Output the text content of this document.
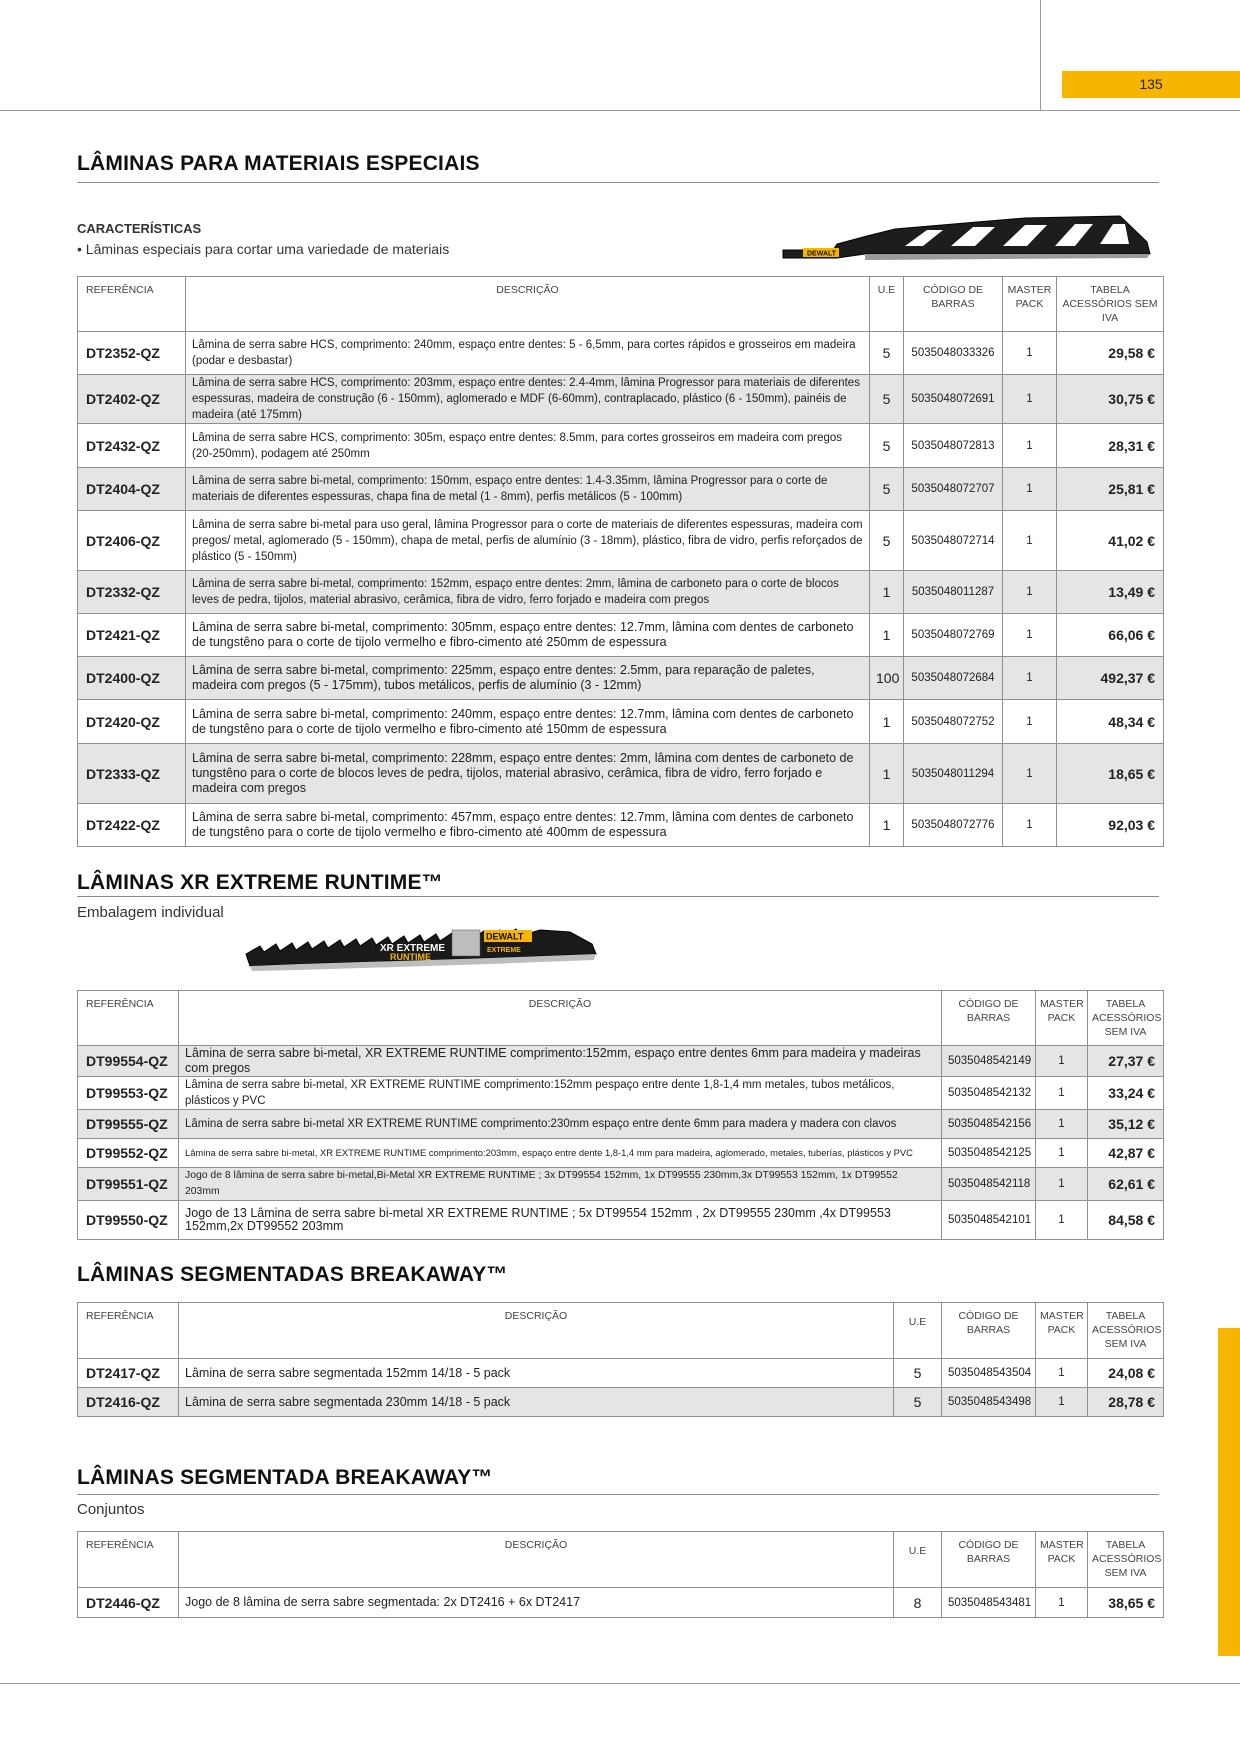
135
LÂMINAS PARA MATERIAIS ESPECIAIS
CARACTERÍSTICAS
• Lâminas especiais para cortar uma variedade de materiais	DEWALT
REFERÊNCIA	DESCRIÇÃO	U.E	CÓDIGO DE BARRAS	MASTER PACK	TABELA ACESSÓRIOS SEM IVA
DT2352-QZ	Lâmina de serra sabre HCS, comprimento: 240mm, espaço entre dentes: 5 - 6,5mm, para cortes rápidos e grosseiros em madeira (podar e desbastar)	5	5035048033326	1	29,58 €
DT2402-QZ	Lâmina de serra sabre HCS, comprimento: 203mm, espaço entre dentes: 2.4-4mm, lâmina Progressor para materiais de diferentes espessuras, madeira de construção (6 - 150mm), aglomerado e MDF (6-60mm), contraplacado, plástico (6 - 150mm), painéis de madeira (até 175mm)	5	5035048072691	1	30,75 €
DT2432-QZ	Lâmina de serra sabre HCS, comprimento: 305m, espaço entre dentes: 8.5mm, para cortes grosseiros em madeira com pregos (20-250mm), podagem até 250mm	5	5035048072813	1	28,31 €
DT2404-QZ	Lâmina de serra sabre bi-metal, comprimento: 150mm, espaço entre dentes: 1.4-3.35mm, lâmina Progressor para o corte de materiais de diferentes espessuras, chapa fina de metal (1 - 8mm), perfis metálicos (5 - 100mm)	5	5035048072707	1	25,81 €
DT2406-QZ	Lâmina de serra sabre bi-metal para uso geral, lâmina Progressor para o corte de materiais de diferentes espessuras, madeira com pregos/ metal, aglomerado (5 - 150mm), chapa de metal, perfis de alumínio (3 - 18mm), plástico, fibra de vidro, perfis reforçados de plástico (5 - 150mm)	5	5035048072714	1	41,02 €
DT2332-QZ	Lâmina de serra sabre bi-metal, comprimento: 152mm, espaço entre dentes: 2mm, lâmina de carboneto para o corte de blocos leves de pedra, tijolos, material abrasivo, cerâmica, fibra de vidro, ferro forjado e madeira com pregos	1	5035048011287	1	13,49 €
DT2421-QZ	Lâmina de serra sabre bi-metal, comprimento: 305mm, espaço entre dentes: 12.7mm, lâmina com dentes de carboneto de tungstêno para o corte de tijolo vermelho e fibro-cimento até 250mm de espessura	1	5035048072769	1	66,06 €
DT2400-QZ	Lâmina de serra sabre bi-metal, comprimento: 225mm, espaço entre dentes: 2.5mm, para reparação de paletes, madeira com pregos (5 - 175mm), tubos metálicos, perfis de alumínio (3 - 12mm)	100	5035048072684	1	492,37 €
DT2420-QZ	Lâmina de serra sabre bi-metal, comprimento: 240mm, espaço entre dentes: 12.7mm, lâmina com dentes de carboneto de tungstêno para o corte de tijolo vermelho e fibro-cimento até 150mm de espessura	1	5035048072752	1	48,34 €
DT2333-QZ	Lâmina de serra sabre bi-metal, comprimento: 228mm, espaço entre dentes: 2mm, lâmina com dentes de carboneto de tungstêno para o corte de blocos leves de pedra, tijolos, material abrasivo, cerâmica, fibra de vidro, ferro forjado e madeira com pregos	1	5035048011294	1	18,65 €
DT2422-QZ	Lâmina de serra sabre bi-metal, comprimento: 457mm, espaço entre dentes: 12.7mm, lâmina com dentes de carboneto de tungstêno para o corte de tijolo vermelho e fibro-cimento até 400mm de espessura	1	5035048072776	1	92,03 €
LÂMINAS XR EXTREME RUNTIME™
Embalagem individual
XR EXTREME
RUNTIME
DEWALT
EXTREME
REFERÊNCIA	DESCRIÇÃO	CÓDIGO DE BARRAS	MASTER PACK	TABELA ACESSÓRIOS SEM IVA
DT99554-QZ	Lâmina de serra sabre bi-metal, XR EXTREME RUNTIME comprimento:152mm, espaço entre dentes 6mm para madeira y madeiras com pregos	5035048542149	1	27,37 €
DT99553-QZ	Lâmina de serra sabre bi-metal, XR EXTREME RUNTIME comprimento:152mm pespaço entre dente 1,8-1,4 mm metales, tubos metálicos, plásticos y PVC	5035048542132	1	33,24 €
DT99555-QZ	Lâmina de serra sabre bi-metal XR EXTREME RUNTIME comprimento:230mm espaço entre dente 6mm para madera y madera con clavos	5035048542156	1	35,12 €
DT99552-QZ	Lâmina de serra sabre bi-metal, XR EXTREME RUNTIME comprimento:203mm, espaço entre dente 1,8-1,4 mm para madeira, aglomerado, metales, tuberías, plásticos y PVC	5035048542125	1	42,87 €
DT99551-QZ	Jogo de 8 lâmina de serra sabre bi-metal,Bi-Metal XR EXTREME RUNTIME ; 3x DT99554 152mm, 1x DT99555 230mm,3x DT99553 152mm, 1x DT99552 203mm	5035048542118	1	62,61 €
DT99550-QZ	Jogo de 13 Lâmina de serra sabre bi-metal XR EXTREME RUNTIME ; 5x DT99554 152mm , 2x DT99555 230mm ,4x DT99553 152mm,2x DT99552 203mm	5035048542101	1	84,58 €
LÂMINAS SEGMENTADAS BREAKAWAY™
REFERÊNCIA	DESCRIÇÃO	U.E	CÓDIGO DE BARRAS	MASTER PACK	TABELA ACESSÓRIOS SEM IVA
DT2417-QZ	Lâmina de serra sabre segmentada 152mm 14/18 - 5 pack	5	5035048543504	1	24,08 €
DT2416-QZ	Lâmina de serra sabre segmentada 230mm 14/18 - 5 pack	5	5035048543498	1	28,78 €
LÂMINAS SEGMENTADA BREAKAWAY™
Conjuntos
REFERÊNCIA	DESCRIÇÃO	U.E	CÓDIGO DE BARRAS	MASTER PACK	TABELA ACESSÓRIOS SEM IVA
DT2446-QZ	Jogo de 8 lâmina de serra sabre segmentada: 2x DT2416 + 6x DT2417	8	5035048543481	1	38,65 €
